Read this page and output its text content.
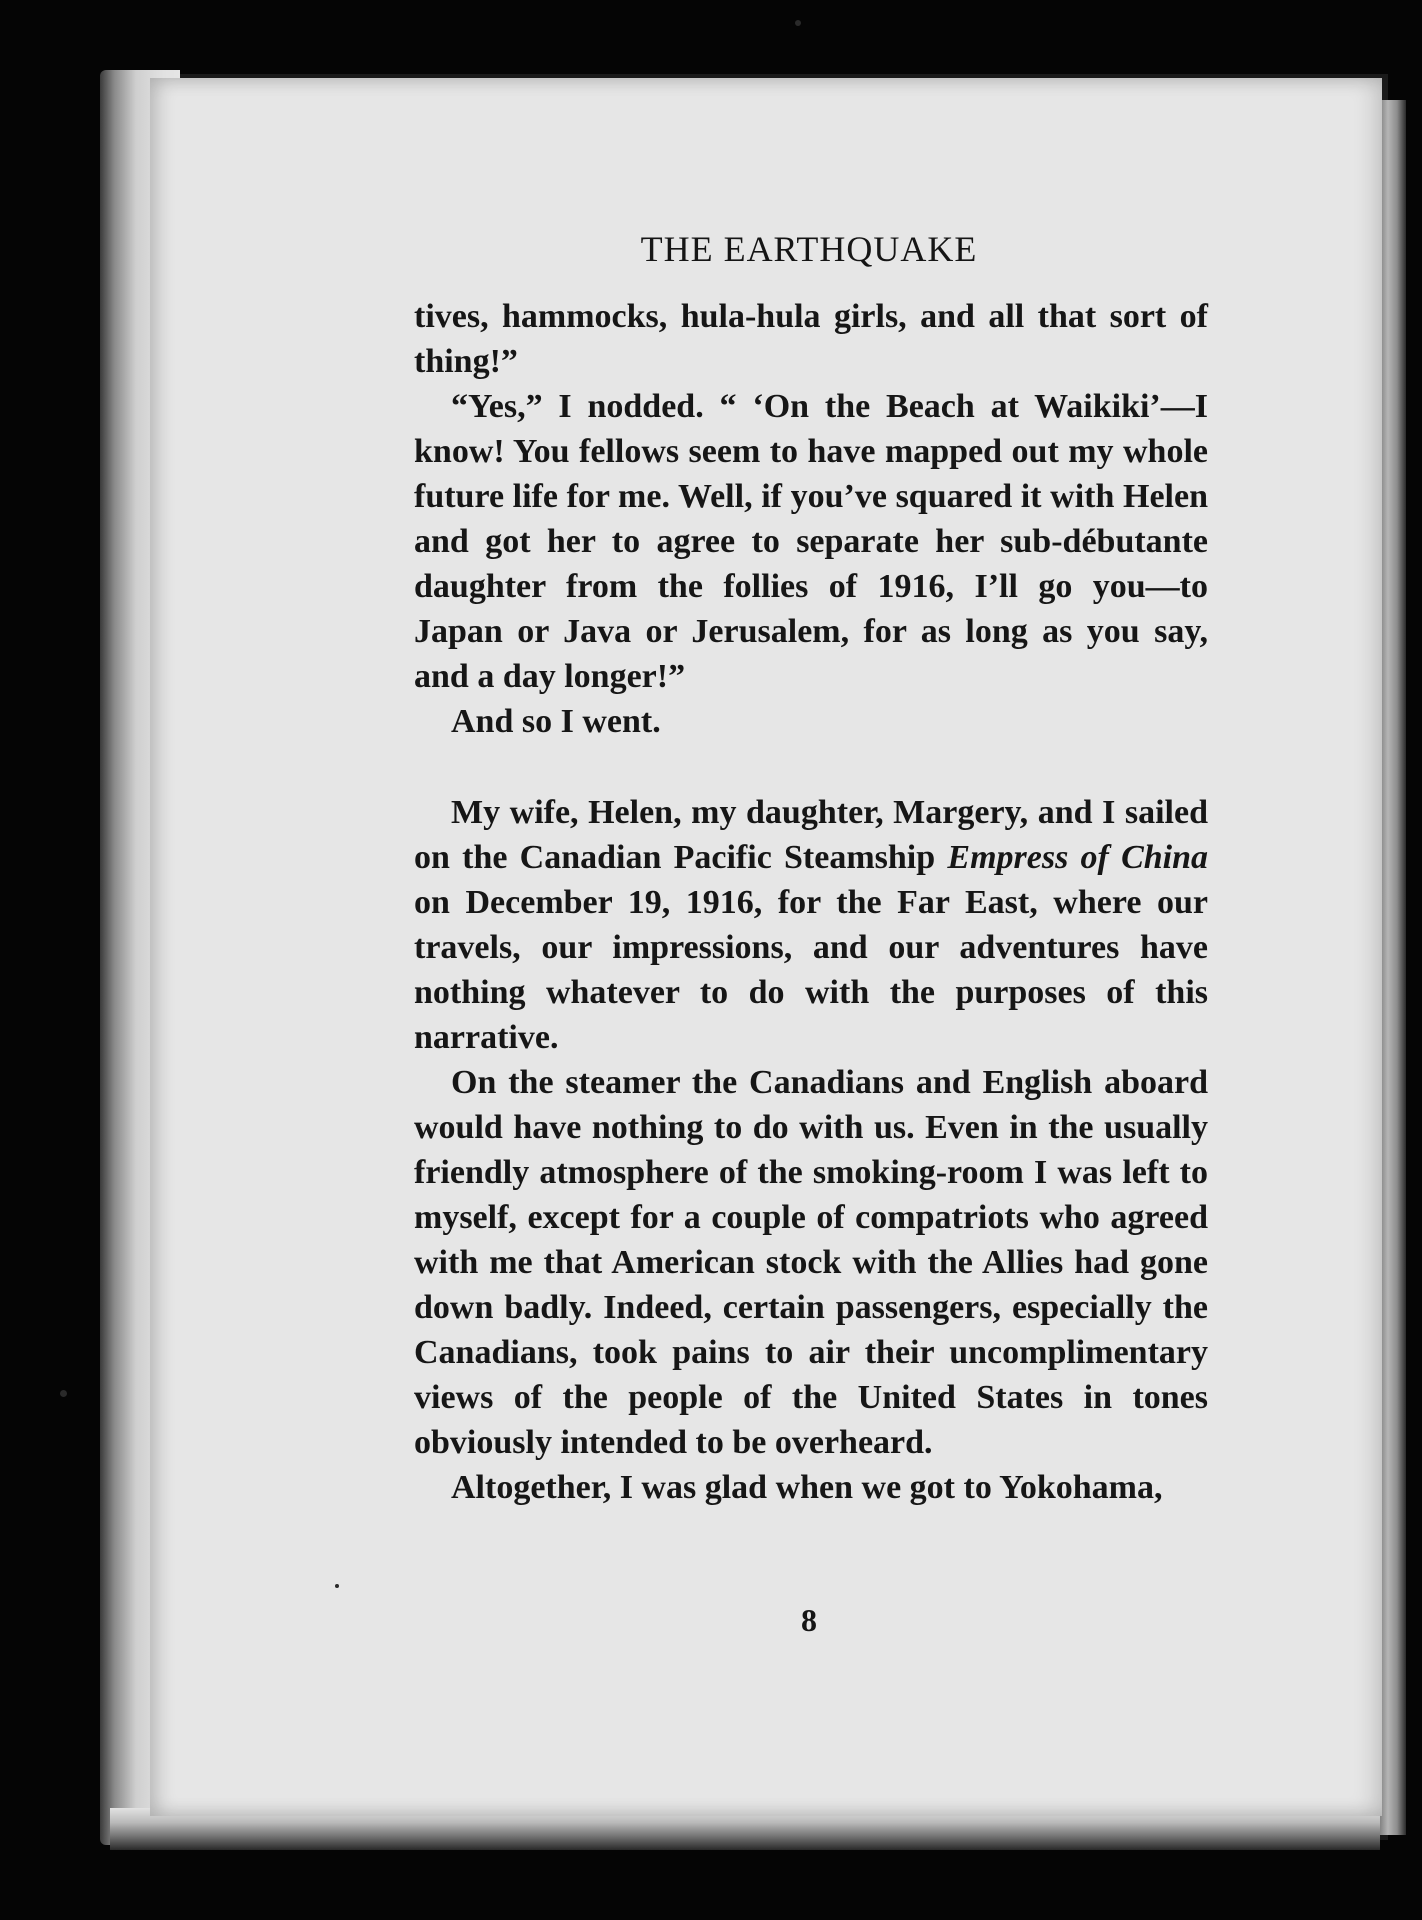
THE EARTHQUAKE

tives, hammocks, hula-hula girls, and all that sort of thing!”

“Yes,” I nodded. “ ‘On the Beach at Waikiki’—I know! You fellows seem to have mapped out my whole future life for me. Well, if you’ve squared it with Helen and got her to agree to separate her sub-débutante daughter from the follies of 1916, I’ll go you—to Japan or Java or Jerusalem, for as long as you say, and a day longer!”

And so I went.

My wife, Helen, my daughter, Margery, and I sailed on the Canadian Pacific Steamship Empress of China on December 19, 1916, for the Far East, where our travels, our impressions, and our adventures have nothing whatever to do with the purposes of this narrative.

On the steamer the Canadians and English aboard would have nothing to do with us. Even in the usually friendly atmosphere of the smoking-room I was left to myself, except for a couple of compatriots who agreed with me that American stock with the Allies had gone down badly. Indeed, certain passengers, especially the Canadians, took pains to air their uncomplimentary views of the people of the United States in tones obviously intended to be overheard.

Altogether, I was glad when we got to Yokohama,

8
